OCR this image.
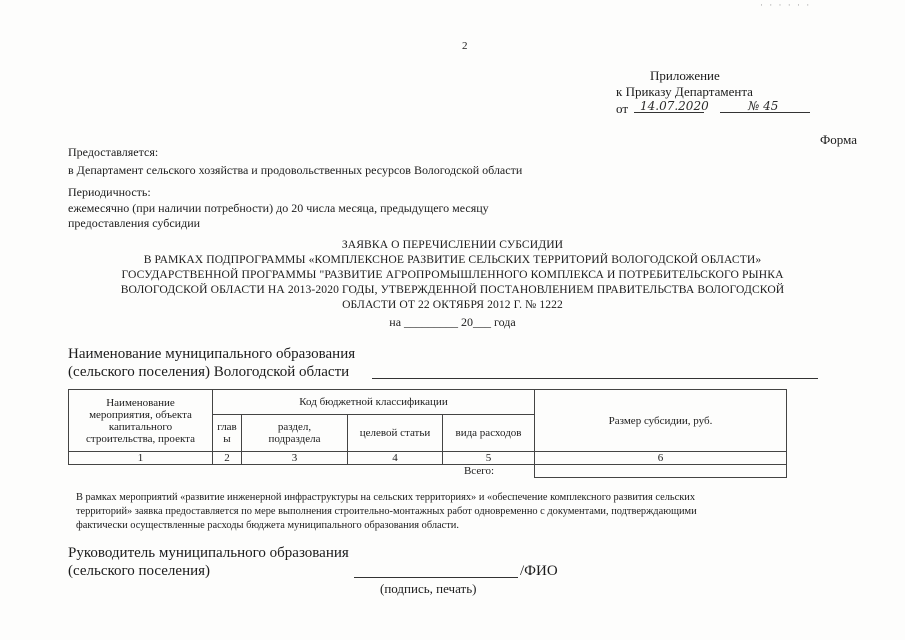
· · · · · ·
2
Приложение
к Приказу Департамента
от 14.07.2020	№ 45
Форма
Предоставляется:
в Департамент сельского хозяйства и продовольственных ресурсов Вологодской области
Периодичность:
ежемесячно (при наличии потребности) до 20 числа месяца, предыдущего месяцу
предоставления субсидии
ЗАЯВКА О ПЕРЕЧИСЛЕНИИ СУБСИДИИ
В РАМКАХ ПОДПРОГРАММЫ «КОМПЛЕКСНОЕ РАЗВИТИЕ СЕЛЬСКИХ ТЕРРИТОРИЙ ВОЛОГОДСКОЙ ОБЛАСТИ»
ГОСУДАРСТВЕННОЙ ПРОГРАММЫ "РАЗВИТИЕ АГРОПРОМЫШЛЕННОГО КОМПЛЕКСА И ПОТРЕБИТЕЛЬСКОГО РЫНКА
ВОЛОГОДСКОЙ ОБЛАСТИ НА 2013-2020 ГОДЫ, УТВЕРЖДЕННОЙ ПОСТАНОВЛЕНИЕМ ПРАВИТЕЛЬСТВА ВОЛОГОДСКОЙ
ОБЛАСТИ ОТ 22 ОКТЯБРЯ 2012 Г. № 1222
на _________ 20___ года
Наименование муниципального образования
(сельского поселения) Вологодской области
Наименование мероприятия, объекта капитального строительства, проекта	Код бюджетной классификации				Размер субсидии, руб.
	глав ы	раздел, подраздела	целевой статьи	вида расходов	
1	2	3	4	5	6
Всего:					
В рамках мероприятий «развитие инженерной инфраструктуры на сельских территориях» и «обеспечение комплексного развития сельских
территорий» заявка предоставляется по мере выполнения строительно-монтажных работ одновременно с документами, подтверждающими
фактически осуществленные расходы бюджета муниципального образования области.
Руководитель муниципального образования
(сельского поселения)	/ФИО
(подпись, печать)
